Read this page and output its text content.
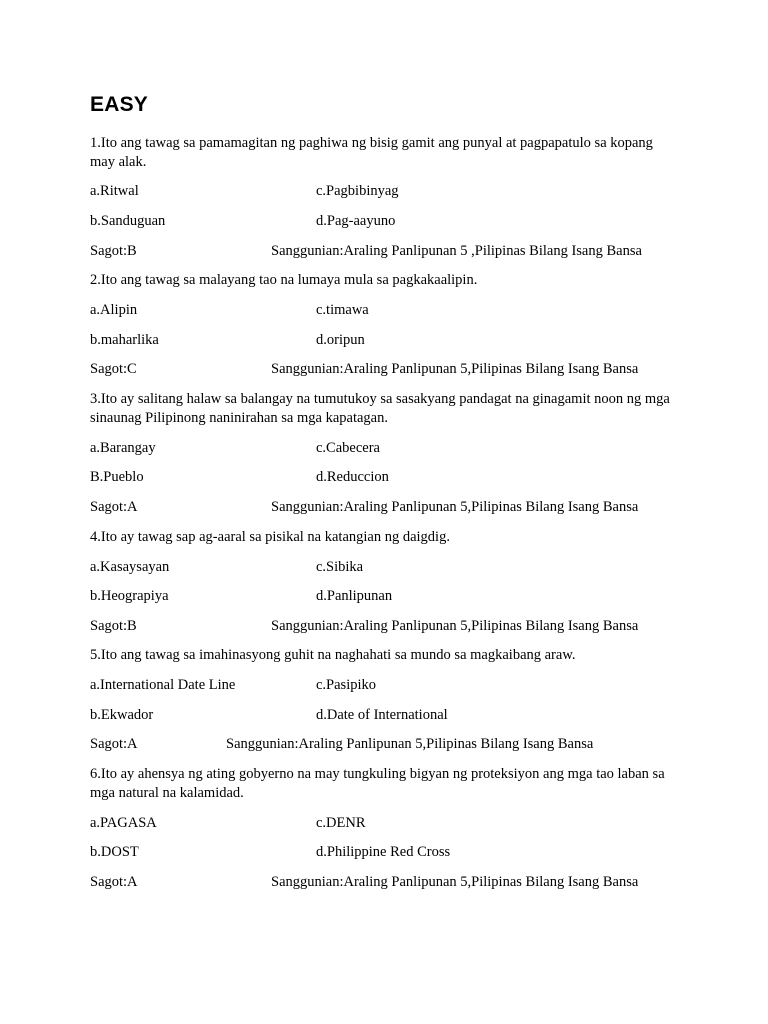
EASY
1.Ito ang tawag sa pamamagitan ng paghiwa ng bisig gamit ang punyal at pagpapatulo sa kopang may alak.
a.Ritwal	c.Pagbibinyag
b.Sanduguan	d.Pag-aayuno
Sagot:B	Sanggunian:Araling Panlipunan 5 ,Pilipinas Bilang Isang Bansa
2.Ito ang tawag sa malayang tao na lumaya mula sa pagkakaalipin.
a.Alipin	c.timawa
b.maharlika	d.oripun
Sagot:C	Sanggunian:Araling Panlipunan 5,Pilipinas Bilang Isang Bansa
3.Ito ay salitang halaw sa balangay na tumutukoy sa sasakyang pandagat na ginagamit noon ng mga sinaunag Pilipinong naninirahan sa mga kapatagan.
a.Barangay	c.Cabecera
B.Pueblo	d.Reduccion
Sagot:A	Sanggunian:Araling Panlipunan 5,Pilipinas Bilang Isang Bansa
4.Ito ay tawag sap ag-aaral sa pisikal na katangian ng daigdig.
a.Kasaysayan	c.Sibika
b.Heograpiya	d.Panlipunan
Sagot:B	Sanggunian:Araling Panlipunan 5,Pilipinas Bilang Isang Bansa
5.Ito ang tawag sa imahinasyong guhit na naghahati sa mundo sa magkaibang araw.
a.International Date Line	c.Pasipiko
b.Ekwador	d.Date of International
Sagot:A	Sanggunian:Araling Panlipunan 5,Pilipinas Bilang Isang Bansa
6.Ito ay ahensya ng ating gobyerno na may tungkuling bigyan ng proteksiyon ang mga tao laban sa mga natural na kalamidad.
a.PAGASA	c.DENR
b.DOST	d.Philippine Red Cross
Sagot:A	Sanggunian:Araling Panlipunan 5,Pilipinas Bilang Isang Bansa
